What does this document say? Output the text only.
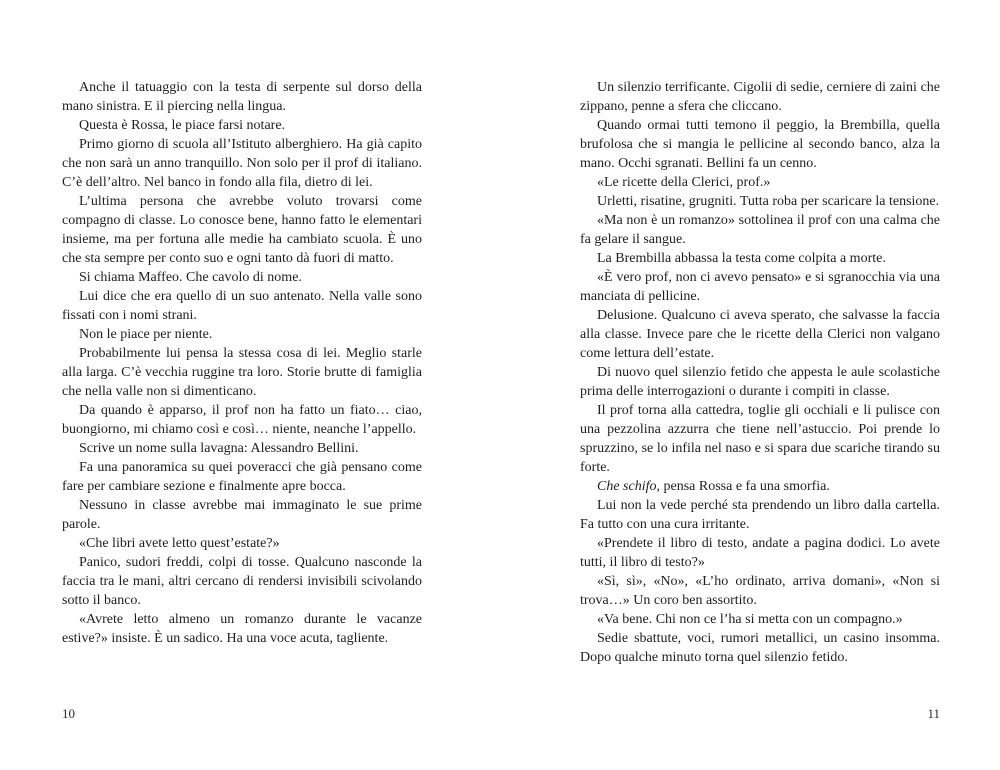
Anche il tatuaggio con la testa di serpente sul dorso della mano sinistra. E il piercing nella lingua.

Questa è Rossa, le piace farsi notare.

Primo giorno di scuola all’Istituto alberghiero. Ha già capito che non sarà un anno tranquillo. Non solo per il prof di italiano. C’è dell’altro. Nel banco in fondo alla fila, dietro di lei.

L’ultima persona che avrebbe voluto trovarsi come compagno di classe. Lo conosce bene, hanno fatto le elementari insieme, ma per fortuna alle medie ha cambiato scuola. È uno che sta sempre per conto suo e ogni tanto dà fuori di matto.

Si chiama Maffeo. Che cavolo di nome.

Lui dice che era quello di un suo antenato. Nella valle sono fissati con i nomi strani.

Non le piace per niente.

Probabilmente lui pensa la stessa cosa di lei. Meglio starle alla larga. C’è vecchia ruggine tra loro. Storie brutte di famiglia che nella valle non si dimenticano.

Da quando è apparso, il prof non ha fatto un fiato… ciao, buongiorno, mi chiamo così e così… niente, neanche l’appello.

Scrive un nome sulla lavagna: Alessandro Bellini.

Fa una panoramica su quei poveracci che già pensano come fare per cambiare sezione e finalmente apre bocca.

Nessuno in classe avrebbe mai immaginato le sue prime parole.

«Che libri avete letto quest’estate?»

Panico, sudori freddi, colpi di tosse. Qualcuno nasconde la faccia tra le mani, altri cercano di rendersi invisibili scivolando sotto il banco.

«Avrete letto almeno un romanzo durante le vacanze estive?» insiste. È un sadico. Ha una voce acuta, tagliente.

Un silenzio terrificante. Cigolii di sedie, cerniere di zaini che zippano, penne a sfera che cliccano.

Quando ormai tutti temono il peggio, la Brembilla, quella brufolosa che si mangia le pellicine al secondo banco, alza la mano. Occhi sgranati. Bellini fa un cenno.

«Le ricette della Clerici, prof.»

Urletti, risatine, grugniti. Tutta roba per scaricare la tensione.

«Ma non è un romanzo» sottolinea il prof con una calma che fa gelare il sangue.

La Brembilla abbassa la testa come colpita a morte.

«È vero prof, non ci avevo pensato» e si sgranocchia via una manciata di pellicine.

Delusione. Qualcuno ci aveva sperato, che salvasse la faccia alla classe. Invece pare che le ricette della Clerici non valgano come lettura dell’estate.

Di nuovo quel silenzio fetido che appesta le aule scolastiche prima delle interrogazioni o durante i compiti in classe.

Il prof torna alla cattedra, toglie gli occhiali e li pulisce con una pezzolina azzurra che tiene nell’astuccio. Poi prende lo spruzzino, se lo infila nel naso e si spara due scariche tirando su forte.

Che schifo, pensa Rossa e fa una smorfia.

Lui non la vede perché sta prendendo un libro dalla cartella. Fa tutto con una cura irritante.

«Prendete il libro di testo, andate a pagina dodici. Lo avete tutti, il libro di testo?»

«Sì, sì», «No», «L’ho ordinato, arriva domani», «Non si trova…» Un coro ben assortito.

«Va bene. Chi non ce l’ha si metta con un compagno.»

Sedie sbattute, voci, rumori metallici, un casino insomma. Dopo qualche minuto torna quel silenzio fetido.

10	11
